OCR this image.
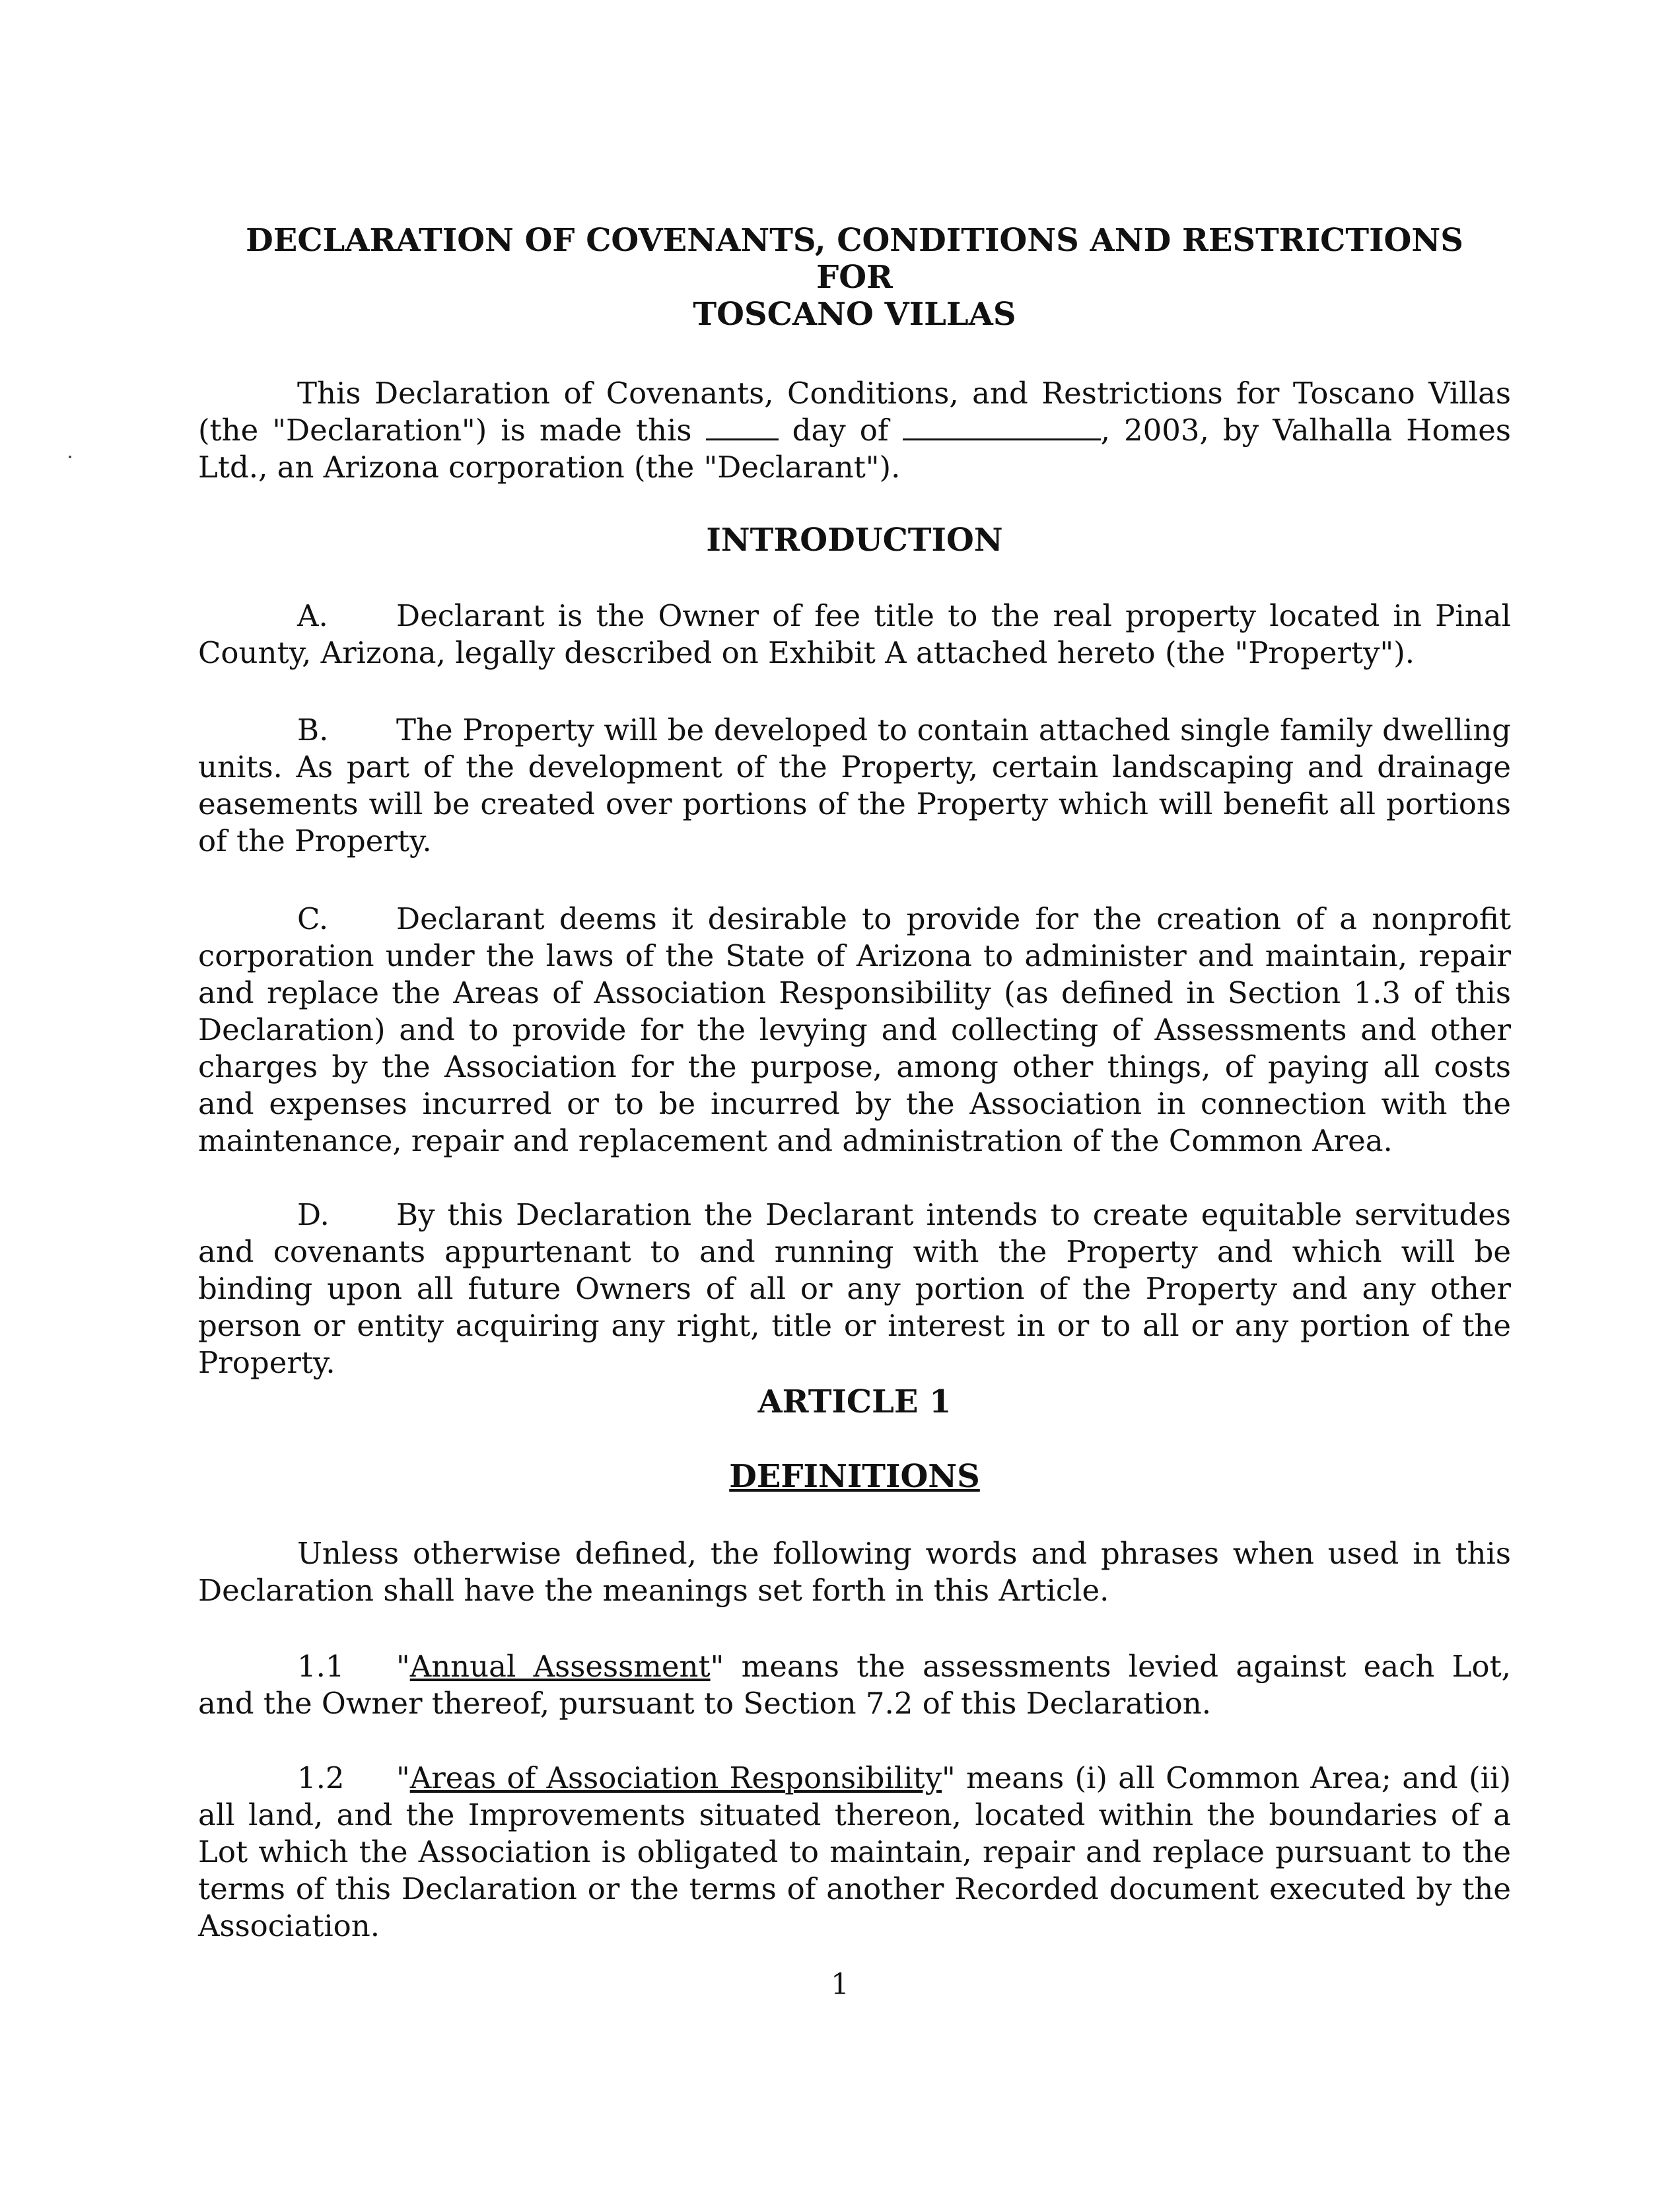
DECLARATION OF COVENANTS, CONDITIONS AND RESTRICTIONS
FOR
TOSCANO VILLAS
This Declaration of Covenants, Conditions, and Restrictions for Toscano Villas (the "Declaration") is made this	day of	, 2003, by Valhalla Homes Ltd., an Arizona corporation (the "Declarant").
INTRODUCTION
A. Declarant is the Owner of fee title to the real property located in Pinal County, Arizona, legally described on Exhibit A attached hereto (the "Property").
B. The Property will be developed to contain attached single family dwelling units. As part of the development of the Property, certain landscaping and drainage easements will be created over portions of the Property which will benefit all portions of the Property.
C. Declarant deems it desirable to provide for the creation of a nonprofit corporation under the laws of the State of Arizona to administer and maintain, repair and replace the Areas of Association Responsibility (as defined in Section 1.3 of this Declaration) and to provide for the levying and collecting of Assessments and other charges by the Association for the purpose, among other things, of paying all costs and expenses incurred or to be incurred by the Association in connection with the maintenance, repair and replacement and administration of the Common Area.
D. By this Declaration the Declarant intends to create equitable servitudes and covenants appurtenant to and running with the Property and which will be binding upon all future Owners of all or any portion of the Property and any other person or entity acquiring any right, title or interest in or to all or any portion of the Property.
ARTICLE 1
DEFINITIONS
Unless otherwise defined, the following words and phrases when used in this Declaration shall have the meanings set forth in this Article.
1.1 "Annual Assessment" means the assessments levied against each Lot, and the Owner thereof, pursuant to Section 7.2 of this Declaration.
1.2 "Areas of Association Responsibility" means (i) all Common Area; and (ii) all land, and the Improvements situated thereon, located within the boundaries of a Lot which the Association is obligated to maintain, repair and replace pursuant to the terms of this Declaration or the terms of another Recorded document executed by the Association.
1
